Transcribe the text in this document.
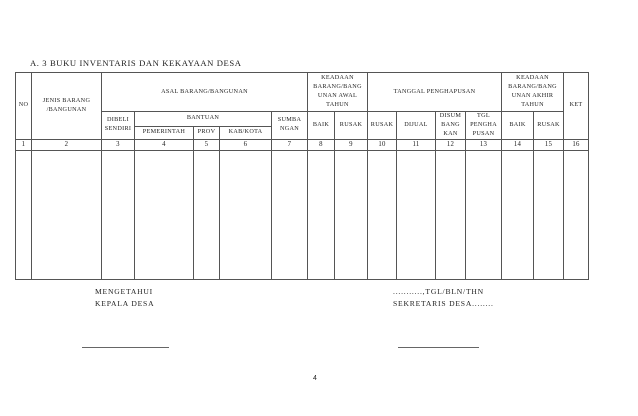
A. 3 BUKU INVENTARIS DAN KEKAYAAN DESA
NO	JENIS BARANG /BANGUNAN	ASAL BARANG/BANGUNAN					KEADAAN BARANG/BANG UNAN AWAL TAHUN		TANGGAL PENGHAPUSAN				KEADAAN BARANG/BANG UNAN AKHIR TAHUN		KET
		DIBELI SENDIRI	BANTUAN			SUMBA NGAN	BAIK	RUSAK	RUSAK	DIJUAL	DISUM BANG KAN	TGL PENGHA PUSAN	BAIK	RUSAK	
			PEMERINTAH	PROV	KAB/KOTA										
1	2	3	4	5	6	7	8	9	10	11	12	13	14	15	16

MENGETAHUI
KEPALA DESA
...........,TGL/BLN/THN
SEKRETARIS DESA........
4
